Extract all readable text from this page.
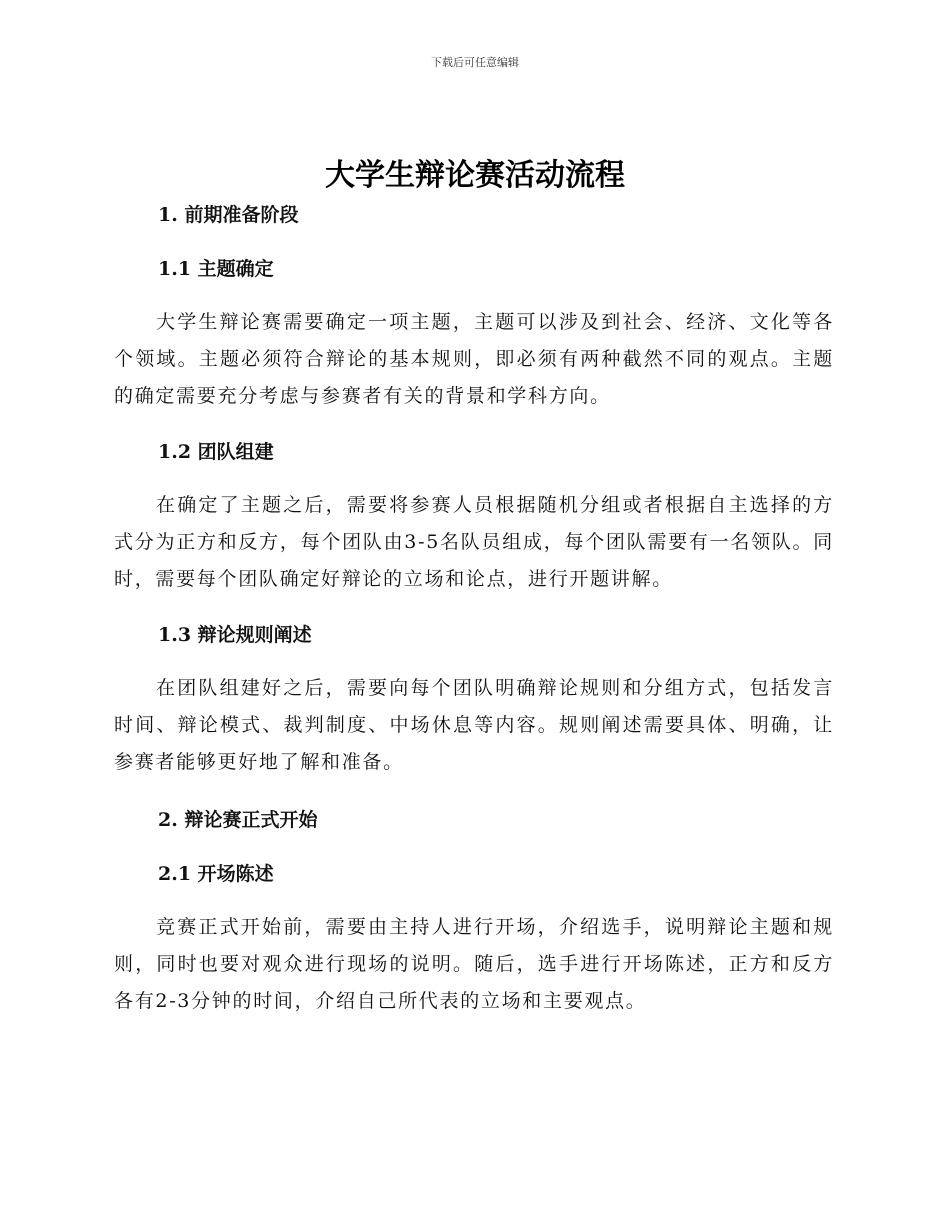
下载后可任意编辑
大学生辩论赛活动流程
1. 前期准备阶段
1.1 主题确定

大学生辩论赛需要确定一项主题，主题可以涉及到社会、经济、文化等各个领域。主题必须符合辩论的基本规则，即必须有两种截然不同的观点。主题的确定需要充分考虑与参赛者有关的背景和学科方向。

1.2 团队组建

在确定了主题之后，需要将参赛人员根据随机分组或者根据自主选择的方式分为正方和反方，每个团队由3-5名队员组成，每个团队需要有一名领队。同时，需要每个团队确定好辩论的立场和论点，进行开题讲解。

1.3 辩论规则阐述

在团队组建好之后，需要向每个团队明确辩论规则和分组方式，包括发言时间、辩论模式、裁判制度、中场休息等内容。规则阐述需要具体、明确，让参赛者能够更好地了解和准备。

2. 辩论赛正式开始
2.1 开场陈述

竞赛正式开始前，需要由主持人进行开场，介绍选手，说明辩论主题和规则，同时也要对观众进行现场的说明。随后，选手进行开场陈述，正方和反方各有2-3分钟的时间，介绍自己所代表的立场和主要观点。
